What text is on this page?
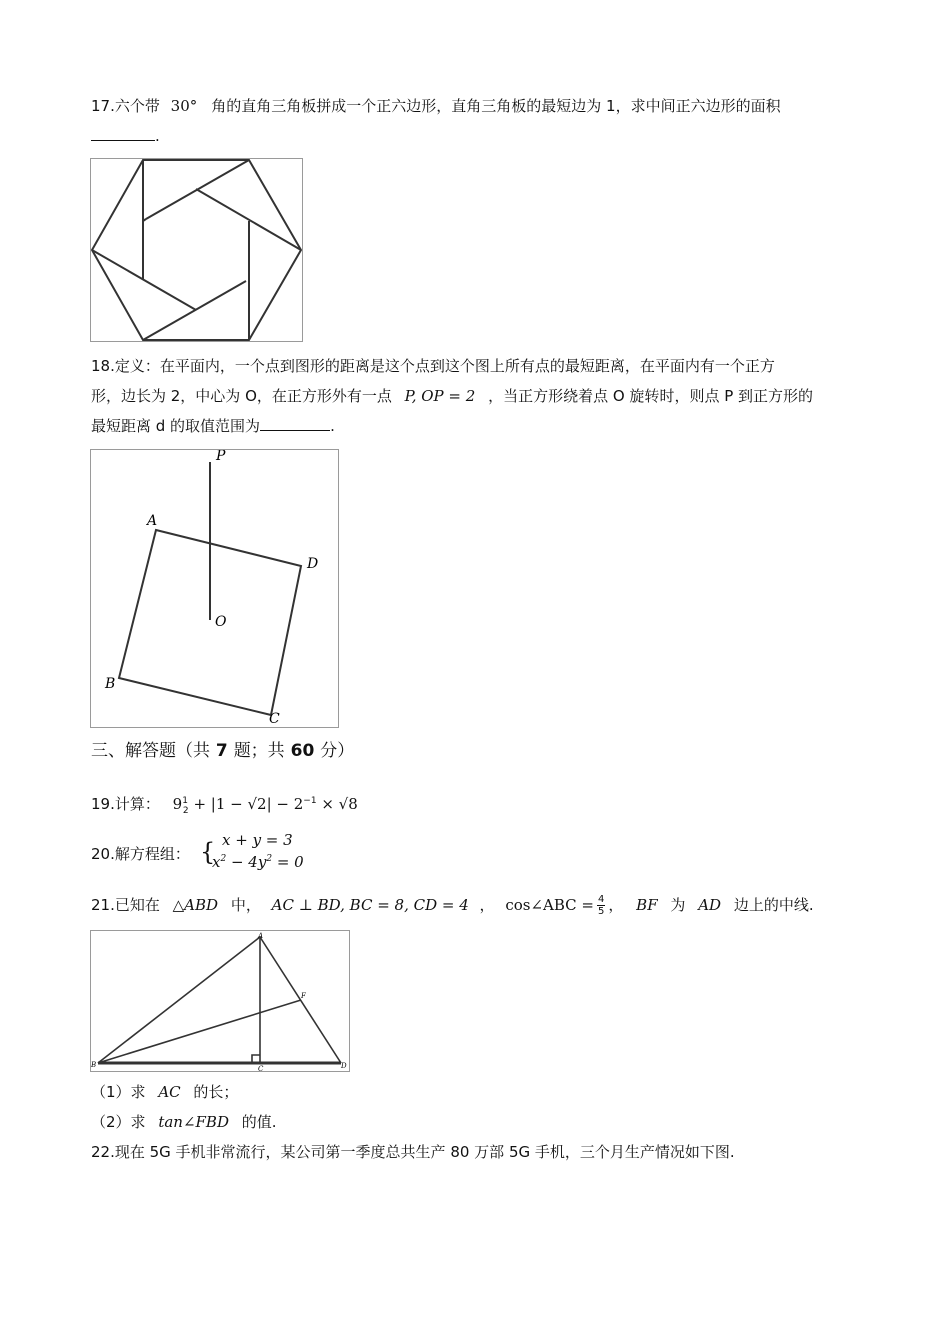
17.六个带 30° 角的直角三角板拼成一个正六边形，直角三角板的最短边为 1，求中间正六边形的面积
.
18.定义：在平面内，一个点到图形的距离是这个点到这个图上所有点的最短距离，在平面内有一个正方
形，边长为 2，中心为 O，在正方形外有一点 P, OP = 2 ，当正方形绕着点 O 旋转时，则点 P 到正方形的
最短距离 d 的取值范围为	.
P
A
D
O
B
C
三、解答题（共 7 题；共 60 分）
19.计算： $9^1_2 + |1 - √2| - 2^{-1} \times √8$
20.解方程组： { x + y = 3
$x^2 - 4y^2 = 0$
21.已知在 △ABD 中， AC ⊥ BD, BC = 8, CD = 4 ， cos∠ABC = $\frac{4}{5}$ ， BF 为 AD 边上的中线.
A
F
B	C	D
（1）求 AC 的长；
（2）求 tan∠FBD 的值.
22.现在 5G 手机非常流行，某公司第一季度总共生产 80 万部 5G 手机，三个月生产情况如下图.
